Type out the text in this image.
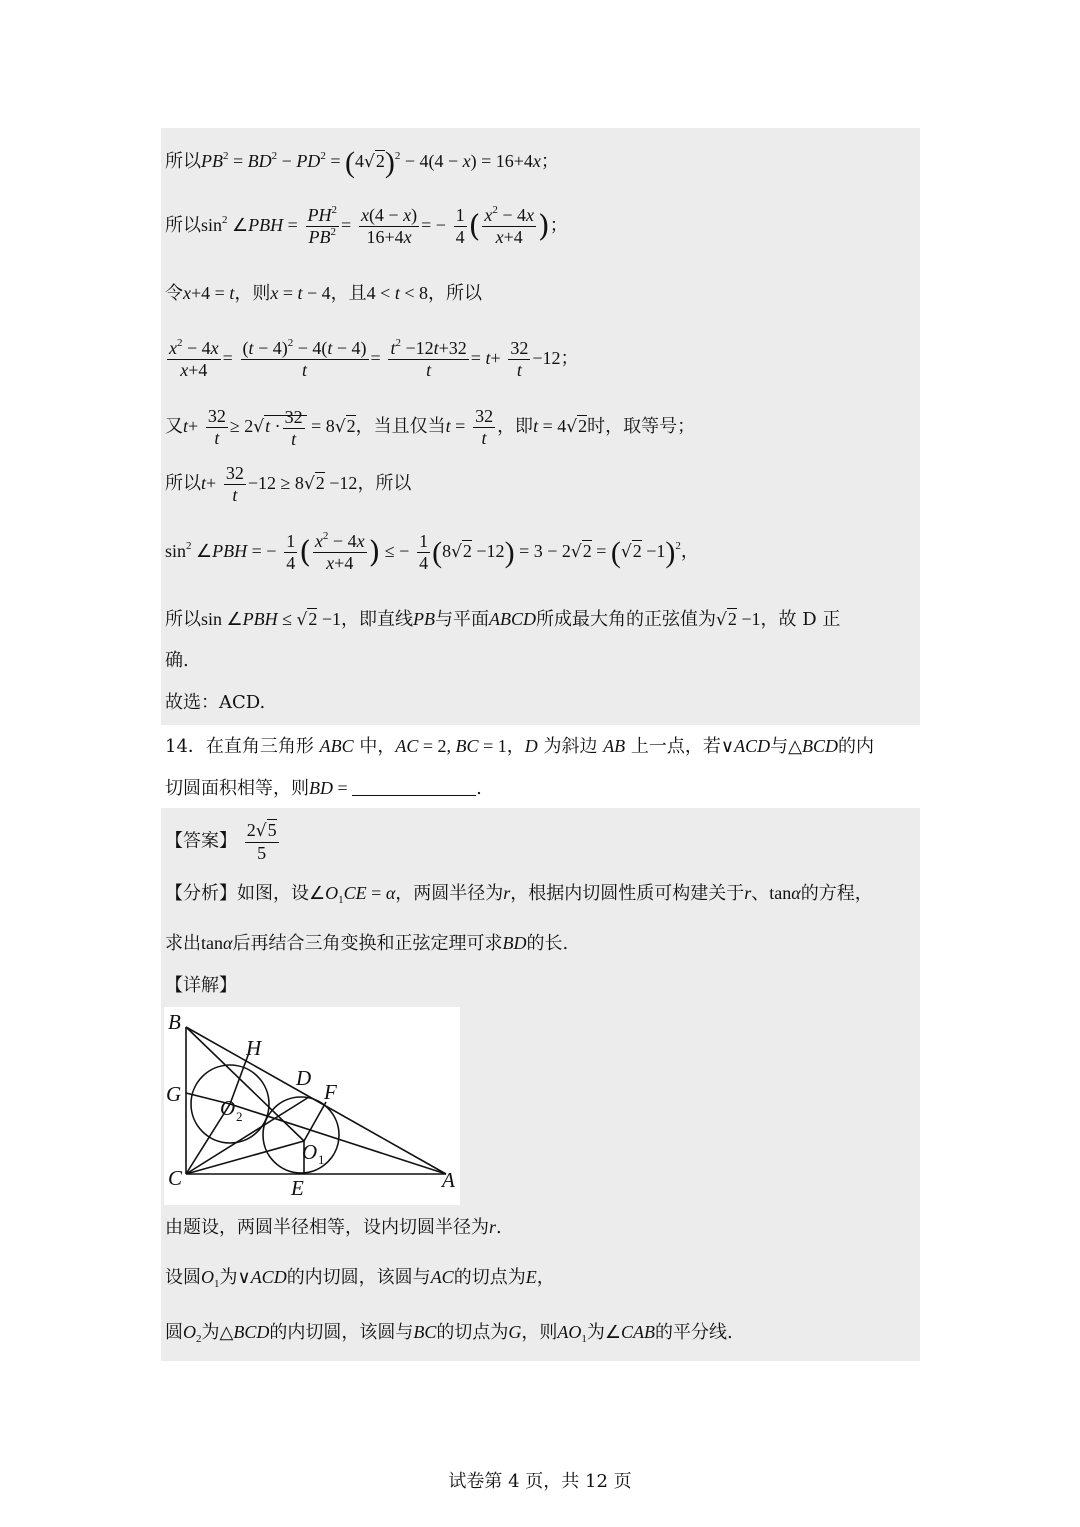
所以$PB^2 = BD^2 - PD^2 = (4√2)^2 - 4(4 - x) = 16+4x$；
所以$\sin^2$ ∠PBH = $\frac{PH^2}{PB^2} = \frac{x(4 - x)}{16+4x}$ = − $\frac{1}{4}$ ( $\frac{x^2 - 4x}{x+4}$ )；
令x+4 = t，则x = t − 4，且4 < t < 8，所以
$\frac{x^2 - 4x}{x+4} = \frac{(t - 4)^2 - 4(t - 4)}{t} = \frac{t^2 -12t+32}{t} = t+ \frac{32}{t} -12$；
又$t+ \frac{32}{t} \ge 2√t \cdot \frac{32}{t} = 8√2$，当且仅当$t = \frac{32}{t}$ ，即t = 4√2时，取等号；
所以$t+ \frac{32}{t} -12 \ge 8√2 -12$，所以
$\sin^2$ ∠PBH = − $\frac{1}{4}$ ( $\frac{x^2 - 4x}{x+4}$ ) ≤ − $\frac{1}{4} (8√2 -12) = 3 - 2√2 = (√2 -1)^2$，
所以sin ∠PBH ≤ √2 −1，即直线PB与平面ABCD所成最大角的正弦值为√2 −1，故 D 正
确.
故选：ACD.
14．在直角三角形 ABC 中，AC = 2, BC = 1，D 为斜边 AB 上一点，若∨ACD与△BCD的内
切圆面积相等，则BD =	.
【答案】 $\frac{2√5}{5}$
【分析】如图，设$\angle O_1CE = \alpha$，两圆半径为r，根据内切圆性质可构建关于r、tanα的方程，
求出tanα后再结合三角变换和正弦定理可求BD的长.
【详解】
B
H
D
F
G
O 2
O 1
C	E	A
由题设，两圆半径相等，设内切圆半径为r.
设圆$O_1$为∨ACD的内切圆，该圆与AC的切点为E，
圆$O_2$为△BCD的内切圆，该圆与BC的切点为G，则$AO_1$为∠CAB的平分线.
试卷第 4 页，共 12 页
